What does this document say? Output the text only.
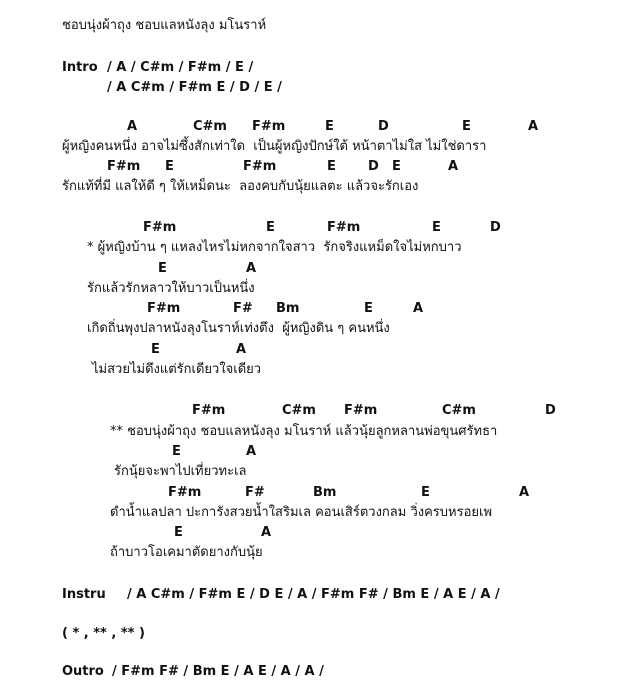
ชอบนุ่งผ้าถุง ชอบแลหนังลุง มโนราห์
Intro / A / C#m / F#m / E /
/ A C#m / F#m E / D / E /
A	C#m F#m	E	D	E	A
ผู้หญิงคนหนึ่ง อาจไม่ซึ้งสักเท่าใด  เป็นผู้หญิงปักษ์ใต้ หน้าตาไม่ใส ไม่ใช่ดารา
F#m E	F#m	E D E	A
รักแท้ที่มี แลให้ดี ๆ ให้เหม็ดนะ  ลองคบกับนุ้ยแลตะ แล้วจะรักเอง
F#m	E	F#m	E	D
* ผู้หญิงบ้าน ๆ แหลงไหรไม่หกจากใจสาว  รักจริงแหม็ดใจไม่หกบาว
E	A
รักแล้วรักหลาวให้บาวเป็นหนึ่ง
F#m	F# Bm	E	A
เกิดถิ่นพุงปลาหนังลุงโนราห์เท่งตึง  ผู้หญิงดิน ๆ คนหนึ่ง
E	A
ไม่สวยไม่ดึงแต่รักเดียวใจเดียว
F#m	C#m F#m	C#m	D
** ชอบนุ่งผ้าถุง ชอบแลหนังลุง มโนราห์ แล้วนุ้ยลูกหลานพ่อขุนศรัทธา
E	A
รักนุ้ยจะพาไปเที่ยวทะเล
F#m	F#	Bm	E	A
ดำน้ำแลปลา ปะการังสวยน้ำใสริมเล คอนเสิร์ตวงกลม วิ่งครบหรอยเพ
E	A
ถ้าบาวโอเคมาตัดยางกับนุ้ย
Instru / A C#m / F#m E / D E / A / F#m F# / Bm E / A E / A /
( * , ** , ** )
Outro / F#m F# / Bm E / A E / A / A /
